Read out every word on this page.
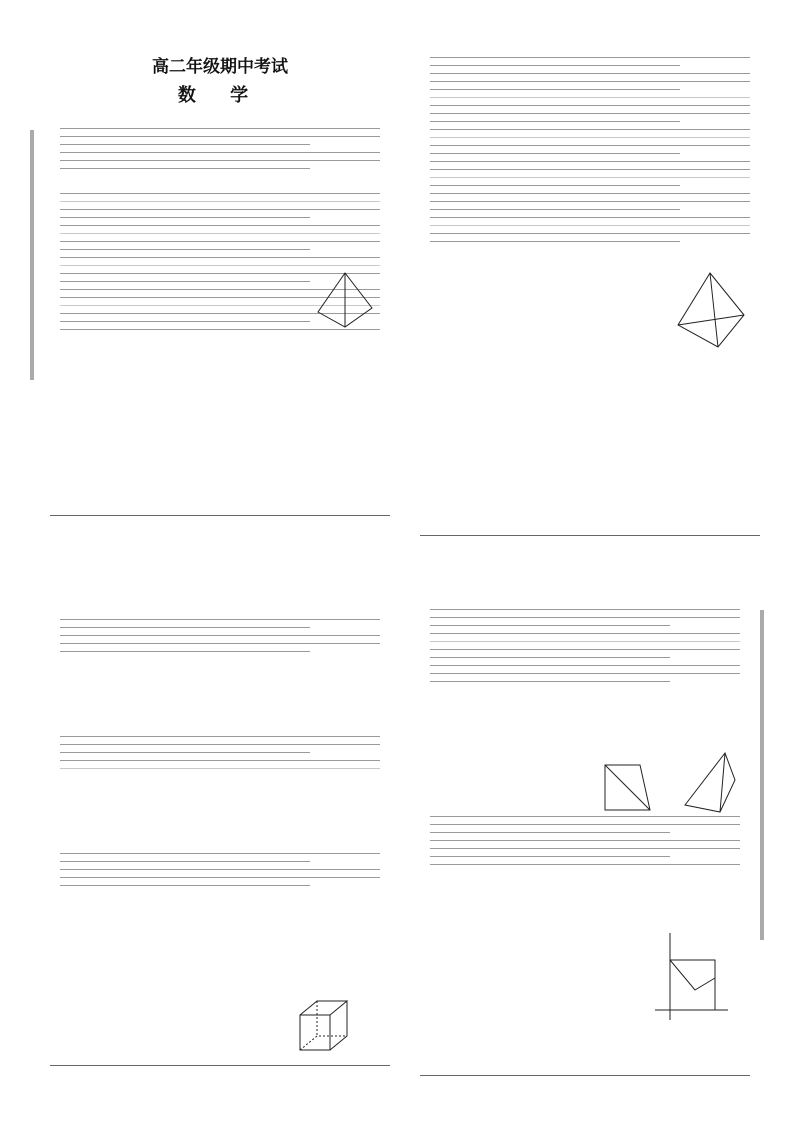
高二年级期中考试
数 学
